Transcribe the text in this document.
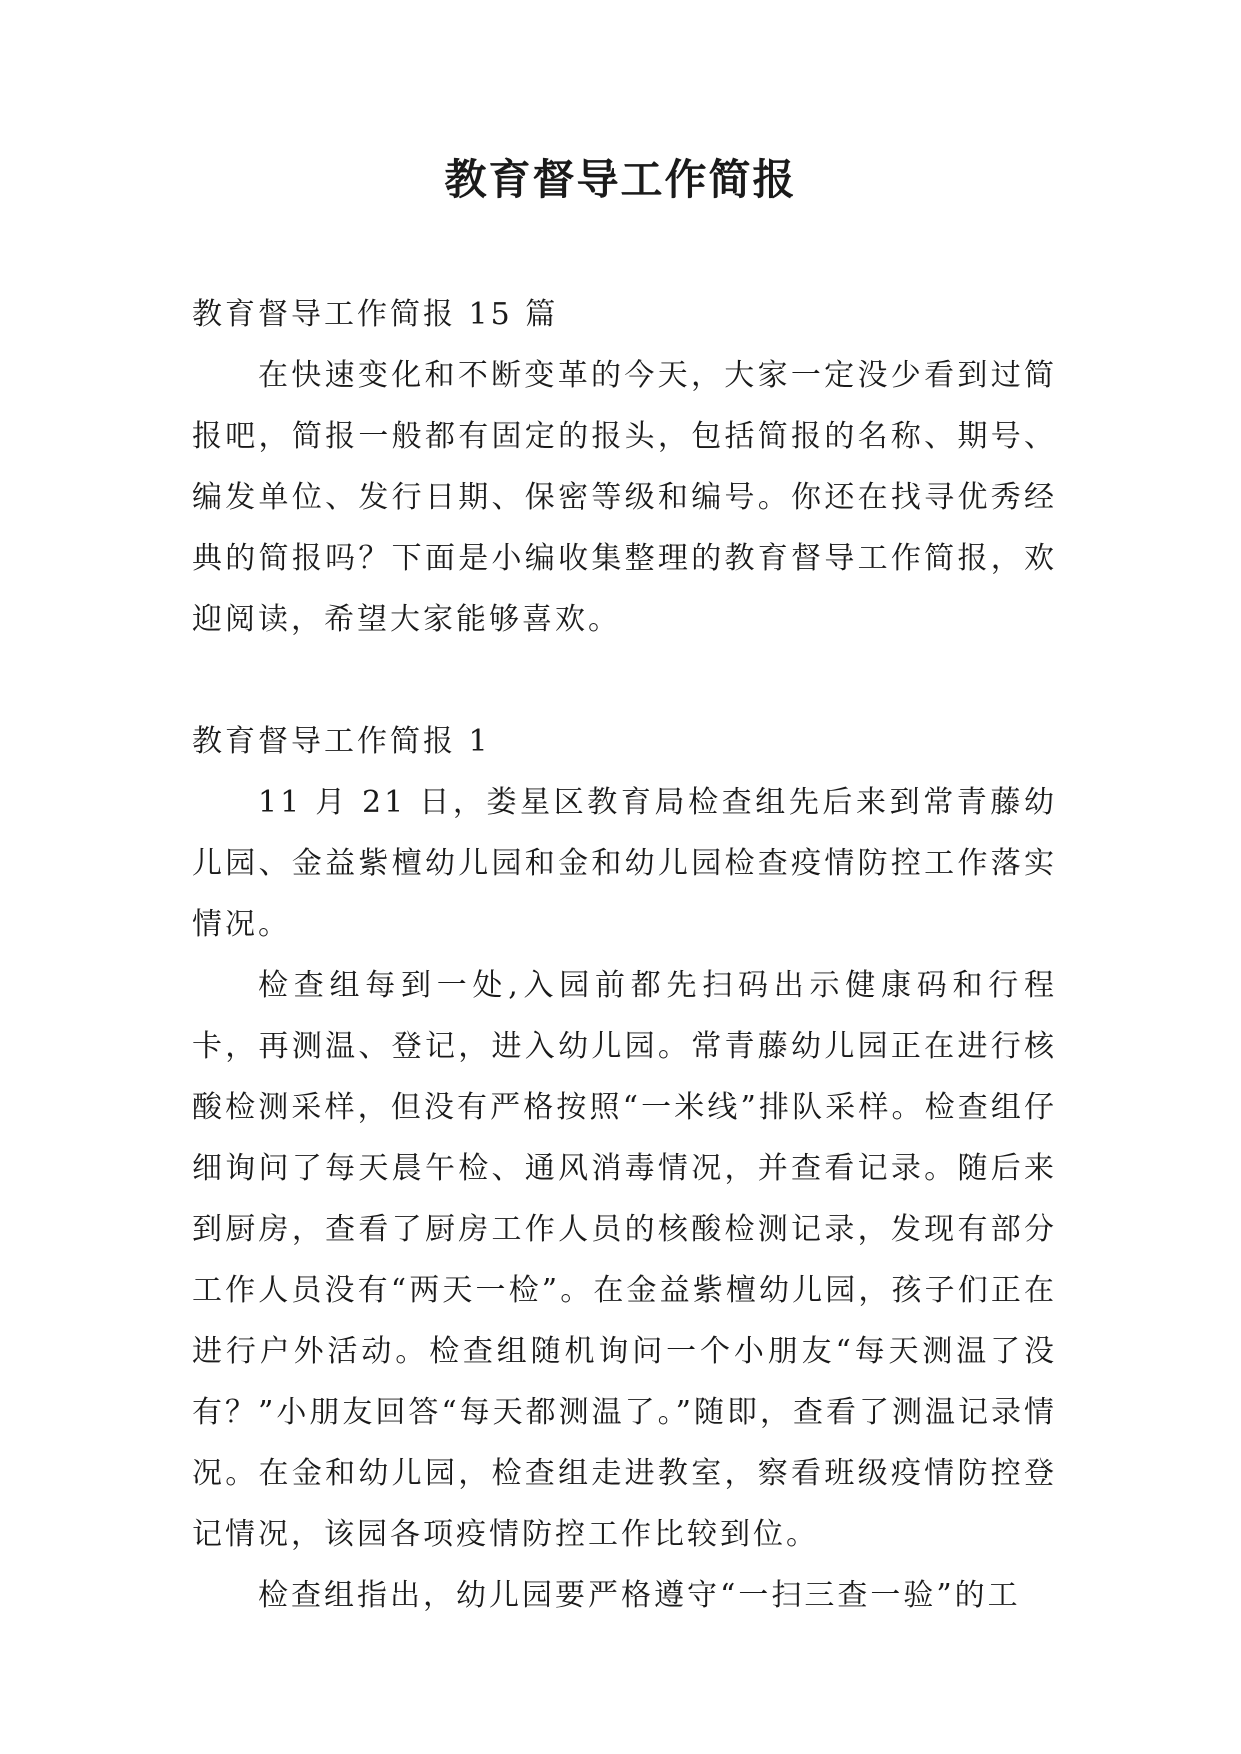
教育督导工作简报

教育督导工作简报 15 篇

在快速变化和不断变革的今天，大家一定没少看到过简报吧，简报一般都有固定的报头，包括简报的名称、期号、编发单位、发行日期、保密等级和编号。你还在找寻优秀经典的简报吗？下面是小编收集整理的教育督导工作简报，欢迎阅读，希望大家能够喜欢。

教育督导工作简报 1

11 月 21 日，娄星区教育局检查组先后来到常青藤幼儿园、金益紫檀幼儿园和金和幼儿园检查疫情防控工作落实情况。

检查组每到一处,入园前都先扫码出示健康码和行程卡，再测温、登记，进入幼儿园。常青藤幼儿园正在进行核酸检测采样，但没有严格按照“一米线”排队采样。检查组仔细询问了每天晨午检、通风消毒情况，并查看记录。随后来到厨房，查看了厨房工作人员的核酸检测记录，发现有部分工作人员没有“两天一检”。在金益紫檀幼儿园，孩子们正在进行户外活动。检查组随机询问一个小朋友“每天测温了没有？”小朋友回答“每天都测温了。”随即，查看了测温记录情况。在金和幼儿园，检查组走进教室，察看班级疫情防控登记情况，该园各项疫情防控工作比较到位。

检查组指出，幼儿园要严格遵守“一扫三查一验”的工
